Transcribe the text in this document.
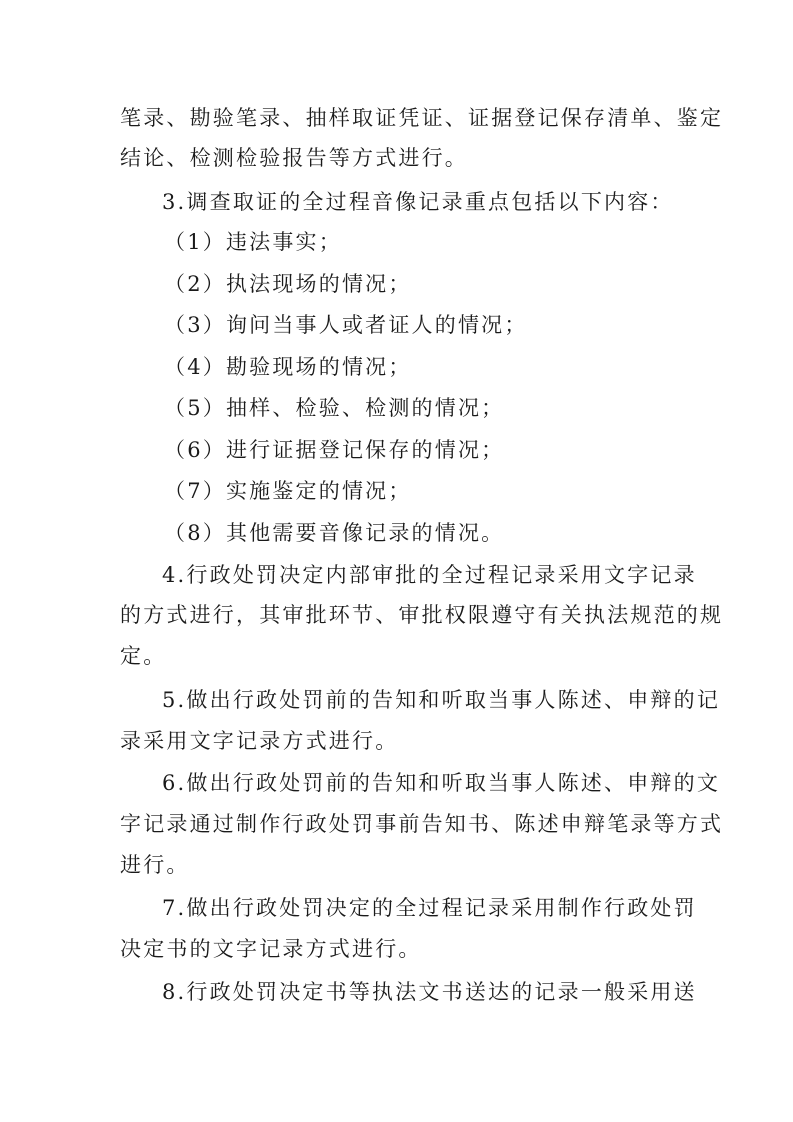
笔录、勘验笔录、抽样取证凭证、证据登记保存清单、鉴定
结论、检测检验报告等方式进行。
3.调查取证的全过程音像记录重点包括以下内容：
（1）违法事实；
（2）执法现场的情况；
（3）询问当事人或者证人的情况；
（4）勘验现场的情况；
（5）抽样、检验、检测的情况；
（6）进行证据登记保存的情况；
（7）实施鉴定的情况；
（8）其他需要音像记录的情况。
4.行政处罚决定内部审批的全过程记录采用文字记录
的方式进行，其审批环节、审批权限遵守有关执法规范的规
定。
5.做出行政处罚前的告知和听取当事人陈述、申辩的记
录采用文字记录方式进行。
6.做出行政处罚前的告知和听取当事人陈述、申辩的文
字记录通过制作行政处罚事前告知书、陈述申辩笔录等方式
进行。
7.做出行政处罚决定的全过程记录采用制作行政处罚
决定书的文字记录方式进行。
8.行政处罚决定书等执法文书送达的记录一般采用送
